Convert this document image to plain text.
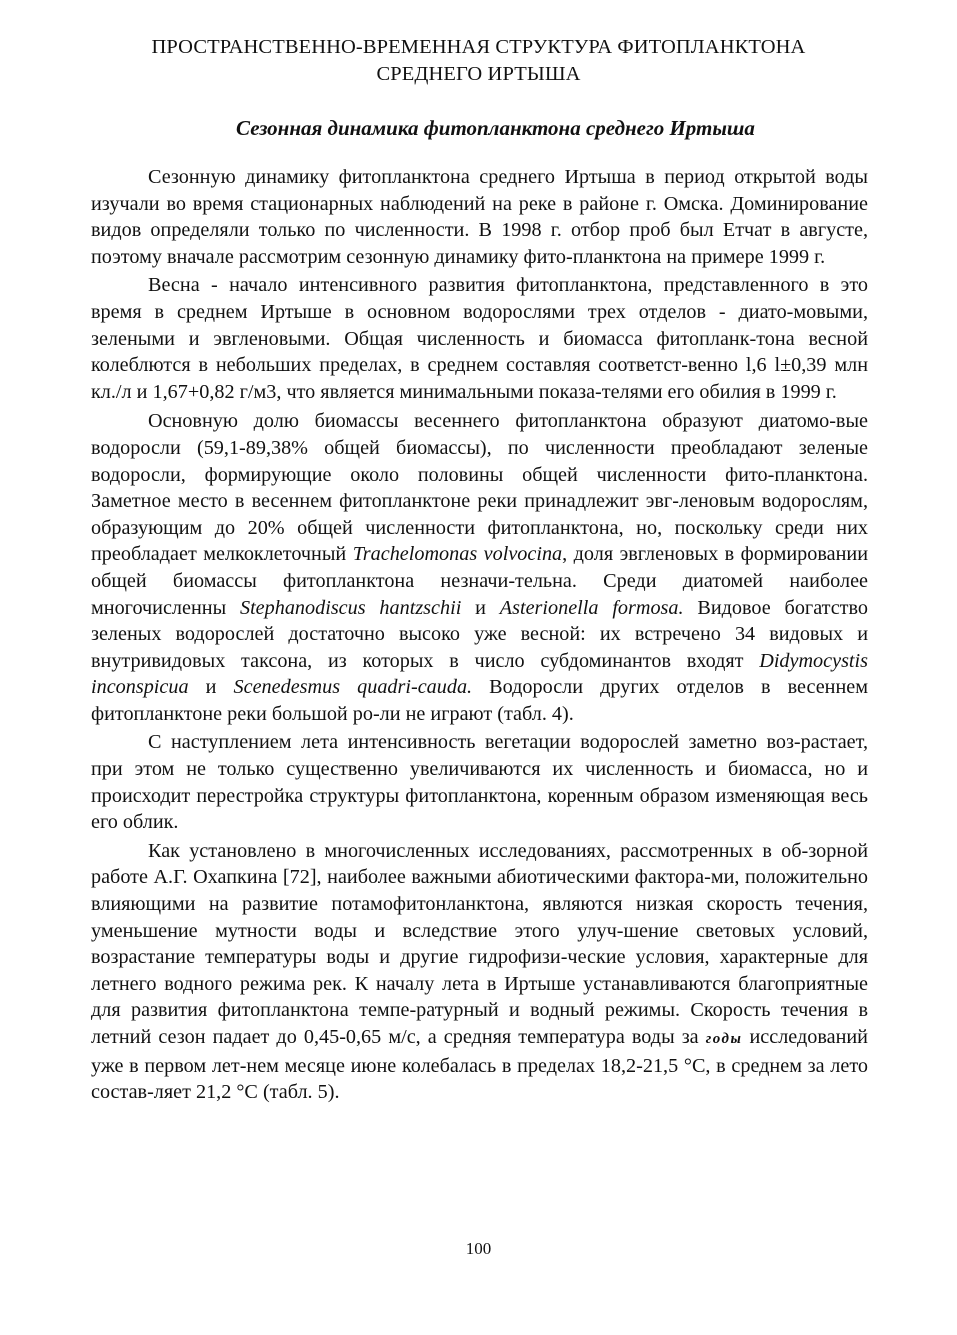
ПРОСТРАНСТВЕННО-ВРЕМЕННАЯ СТРУКТУРА ФИТОПЛАНКТОНА
СРЕДНЕГО ИРТЫША
Сезонная динамика фитопланктона среднего Иртыша

Сезонную динамику фитопланктона среднего Иртыша в период открытой воды изучали во время стационарных наблюдений на реке в районе г. Омска. Доминирование видов определяли только по численности. В 1998 г. отбор проб был Етчат в августе, поэтому вначале рассмотрим сезонную динамику фито-планктона на примере 1999 г.

Весна - начало интенсивного развития фитопланктона, представленного в это время в среднем Иртыше в основном водорослями трех отделов - диато-мовыми, зелеными и эвгленовыми. Общая численность и биомасса фитопланк-тона весной колеблются в небольших пределах, в среднем составляя соответст-венно l,6 l±0,39 млн кл./л и 1,67+0,82 г/м3, что является минимальными показа-телями его обилия в 1999 г.

Основную долю биомассы весеннего фитопланктона образуют диатомо-вые водоросли (59,1-89,38% общей биомассы), по численности преобладают зеленые водоросли, формирующие около половины общей численности фито-планктона. Заметное место в весеннем фитопланктоне реки принадлежит эвг-леновым водорослям, образующим до 20% общей численности фитопланктона, но, поскольку среди них преобладает мелкоклеточный Trachelomonas volvocina, доля эвгленовых в формировании общей биомассы фитопланктона незначи-тельна. Среди диатомей наиболее многочисленны Stephanodiscus hantzschii и Asterionella formosa. Видовое богатство зеленых водорослей достаточно высоко уже весной: их встречено 34 видовых и внутривидовых таксона, из которых в число субдоминантов входят Didymocystis inconspicua и Scenedesmus quadri-cauda. Водоросли других отделов в весеннем фитопланктоне реки большой ро-ли не играют (табл. 4).

С наступлением лета интенсивность вегетации водорослей заметно воз-растает, при этом не только существенно увеличиваются их численность и биомасса, но и происходит перестройка структуры фитопланктона, коренным образом изменяющая весь его облик.

Как установлено в многочисленных исследованиях, рассмотренных в об-зорной работе А.Г. Охапкина [72], наиболее важными абиотическими фактора-ми, положительно влияющими на развитие потамофитонланктона, являются низкая скорость течения, уменьшение мутности воды и вследствие этого улуч-шение световых условий, возрастание температуры воды и другие гидрофизи-ческие условия, характерные для летнего водного режима рек. К началу лета в Иртыше устанавливаются благоприятные для развития фитопланктона темпе-ратурный и водный режимы. Скорость течения в летний сезон падает до 0,45-0,65 м/с, а средняя температура воды за годы исследований уже в первом лет-нем месяце июне колебалась в пределах 18,2-21,5 °С, в среднем за лето состав-ляет 21,2 °С (табл. 5).

100
